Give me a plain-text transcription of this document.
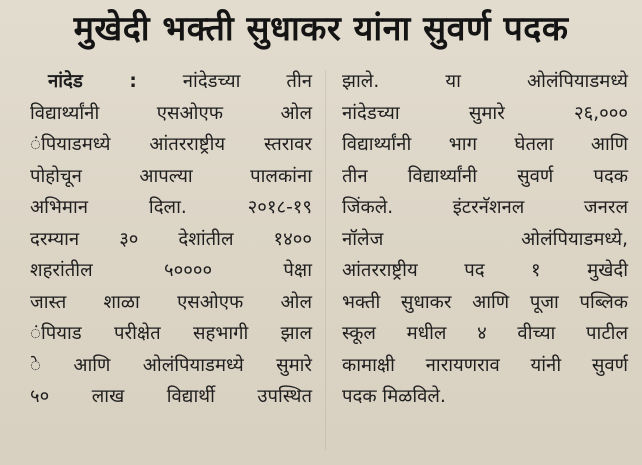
मुखेदी भक्ती सुधाकर यांना सुवर्ण पदक
नांदेड : नांदेडच्या तीन
विद्यार्थ्यांनी एसओएफ ओल
ंपियाडमध्ये आंतरराष्ट्रीय स्तरावर
पोहोचून आपल्या पालकांना
अभिमान दिला. २०१८-१९
दरम्यान ३० देशांतील १४००
शहरांतील ५०००० पेक्षा
जास्त शाळा एसओएफ ओल
ंपियाड परीक्षेत सहभागी झाल
े आणि ओलंपियाडमध्ये सुमारे
५० लाख विद्यार्थी उपस्थित
झाले. या ओलंपियाडमध्ये
नांदेडच्या सुमारे २६,०००
विद्यार्थ्यांनी भाग घेतला आणि
तीन विद्यार्थ्यांनी सुवर्ण पदक
जिंकले. इंटरनॅशनल जनरल
नॉलेज ओलंपियाडमध्ये,
आंतरराष्ट्रीय पद १ मुखेदी
भक्ती सुधाकर आणि पूजा पब्लिक
स्कूल मधील ४ वीच्या पाटील
कामाक्षी नारायणराव यांनी सुवर्ण
पदक मिळविले.
